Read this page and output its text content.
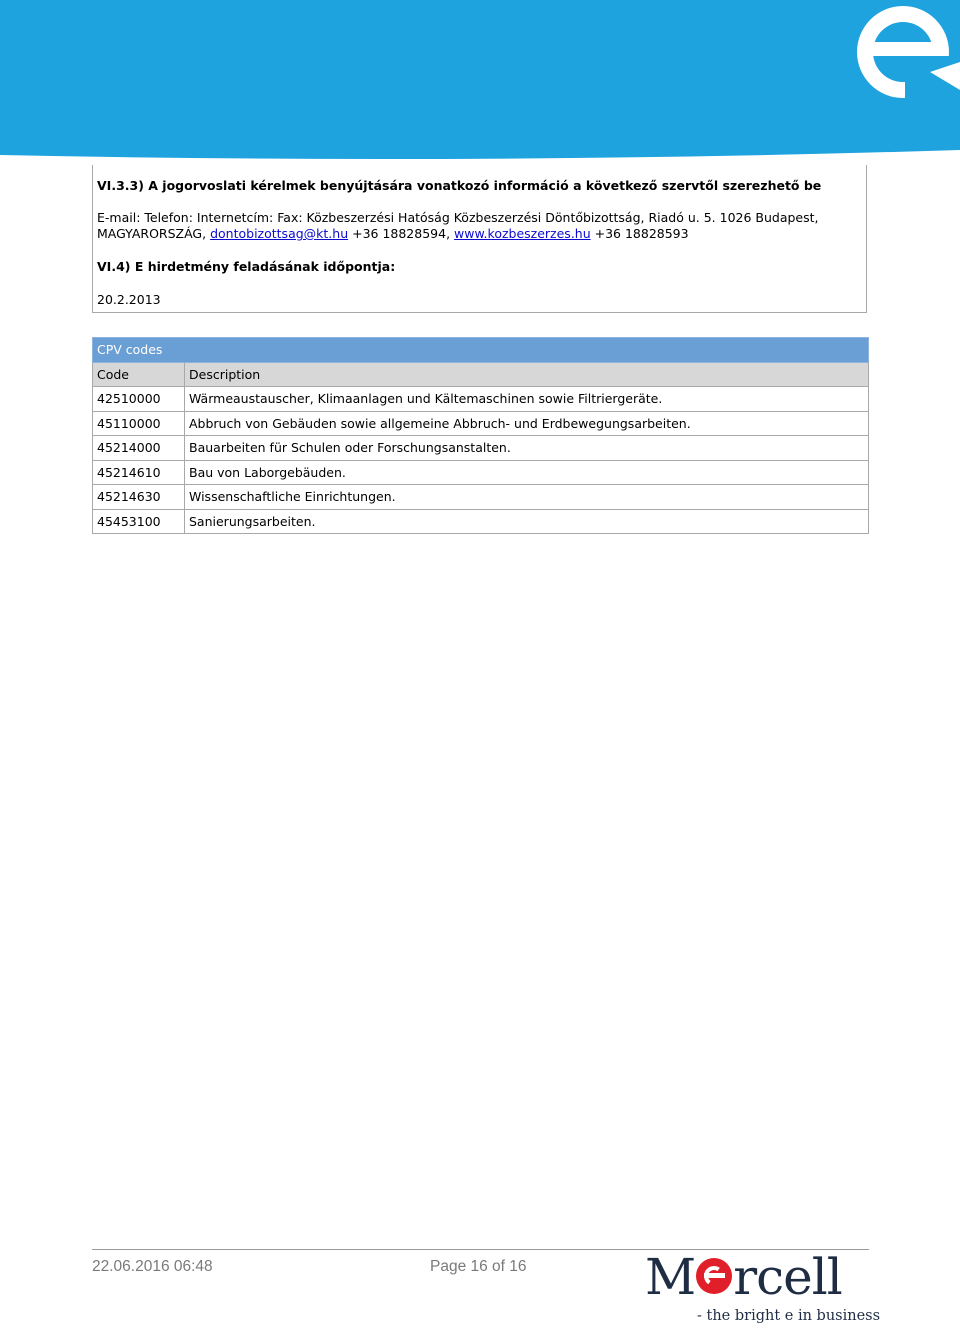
VI.3.3) A jogorvoslati kérelmek benyújtására vonatkozó információ a következő szervtől szerezhető be

E-mail: Telefon: Internetcím: Fax: Közbeszerzési Hatóság Közbeszerzési Döntőbizottság, Riadó u. 5. 1026 Budapest,
MAGYARORSZÁG, dontobizottsag@kt.hu +36 18828594, www.kozbeszerzes.hu +36 18828593

VI.4) E hirdetmény feladásának időpontja:

20.2.2013

CPV codes	
Code	Description
42510000	Wärmeaustauscher, Klimaanlagen und Kältemaschinen sowie Filtriergeräte.
45110000	Abbruch von Gebäuden sowie allgemeine Abbruch- und Erdbewegungsarbeiten.
45214000	Bauarbeiten für Schulen oder Forschungsanstalten.
45214610	Bau von Laborgebäuden.
45214630	Wissenschaftliche Einrichtungen.
45453100	Sanierungsarbeiten.
22.06.2016 06:48	Page 16 of 16 M rcell
- the bright e in business
